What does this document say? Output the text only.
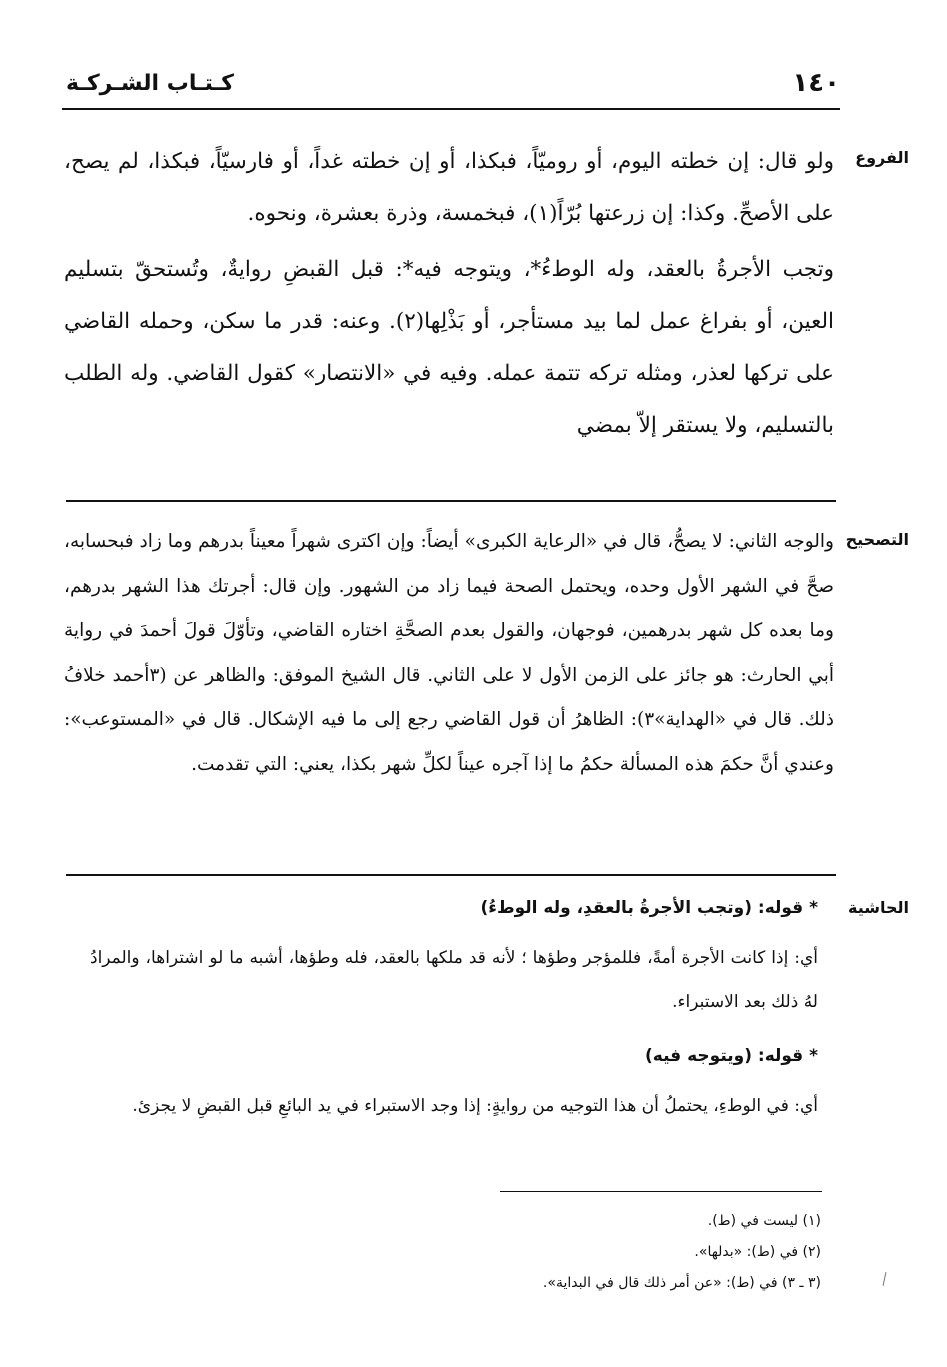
١٤٠
كـتـاب الشـركـة
الفروع

ولو قال: إن خطته اليوم، أو روميّاً، فبكذا، أو إن خطته غداً، أو فارسيّاً، فبكذا، لم يصح، على الأصحِّ. وكذا: إن زرعتها بُرّاً(١)، فبخمسة، وذرة بعشرة، ونحوه.

وتجب الأجرةُ بالعقد، وله الوطءُ*، ويتوجه فيه*: قبل القبضِ روايةٌ، وتُستحقّ بتسليم العين، أو بفراغ عمل لما بيد مستأجر، أو بَذْلِها(٢). وعنه: قدر ما سكن، وحمله القاضي على تركها لعذر، ومثله تركه تتمة عمله. وفيه في «الانتصار» كقول القاضي. وله الطلب بالتسليم، ولا يستقر إلاّ بمضي

التصحيح

والوجه الثاني: لا يصحُّ، قال في «الرعاية الكبرى» أيضاً: وإن اكترى شهراً معيناً بدرهم وما زاد فبحسابه، صحَّ في الشهر الأول وحده، ويحتمل الصحة فيما زاد من الشهور. وإن قال: أجرتك هذا الشهر بدرهم، وما بعده كل شهر بدرهمين، فوجهان، والقول بعدم الصحَّةِ اختاره القاضي، وتأوّلَ قولَ أحمدَ في رواية أبي الحارث: هو جائز على الزمن الأول لا على الثاني. قال الشيخ الموفق: والظاهر عن (٣أحمد خلافُ ذلك. قال في «الهداية»٣): الظاهرُ أن قول القاضي رجع إلى ما فيه الإشكال. قال في «المستوعب»: وعندي أنَّ حكمَ هذه المسألة حكمُ ما إذا آجره عيناً لكلِّ شهر بكذا، يعني: التي تقدمت.

الحاشية

* قوله: (وتجب الأجرةُ بالعقدِ، وله الوطءُ)

أي: إذا كانت الأجرة أمةً، فللمؤجر وطؤها ؛ لأنه قد ملكها بالعقد، فله وطؤها، أشبه ما لو اشتراها، والمرادُ لهُ ذلك بعد الاستبراء.

* قوله: (ويتوجه فيه)

أي: في الوطءِ، يحتملُ أن هذا التوجيه من روايةٍ: إذا وجد الاستبراء في يد البائعِ قبل القبضِ لا يجزئ.

(١) ليست في (ط).
(٢) في (ط): «بدلها».
(٣ ـ ٣) في (ط): «عن أمر ذلك قال في البداية».
